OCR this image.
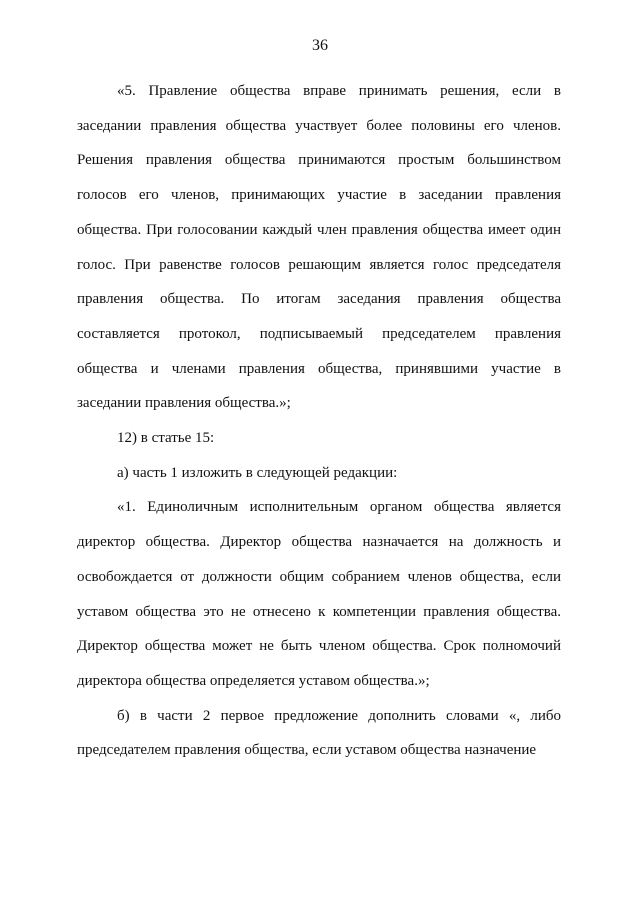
36

«5. Правление общества вправе принимать решения, если в заседании правления общества участвует более половины его членов. Решения правления общества принимаются простым большинством голосов его членов, принимающих участие в заседании правления общества. При голосовании каждый член правления общества имеет один голос. При равенстве голосов решающим является голос председателя правления общества. По итогам заседания правления общества составляется протокол, подписываемый председателем правления общества и членами правления общества, принявшими участие в заседании правления общества.»;

12) в статье 15:

а) часть 1 изложить в следующей редакции:

«1. Единоличным исполнительным органом общества является директор общества. Директор общества назначается на должность и освобождается от должности общим собранием членов общества, если уставом общества это не отнесено к компетенции правления общества. Директор общества может не быть членом общества. Срок полномочий директора общества определяется уставом общества.»;

б) в части 2 первое предложение дополнить словами «, либо председателем правления общества, если уставом общества назначение
